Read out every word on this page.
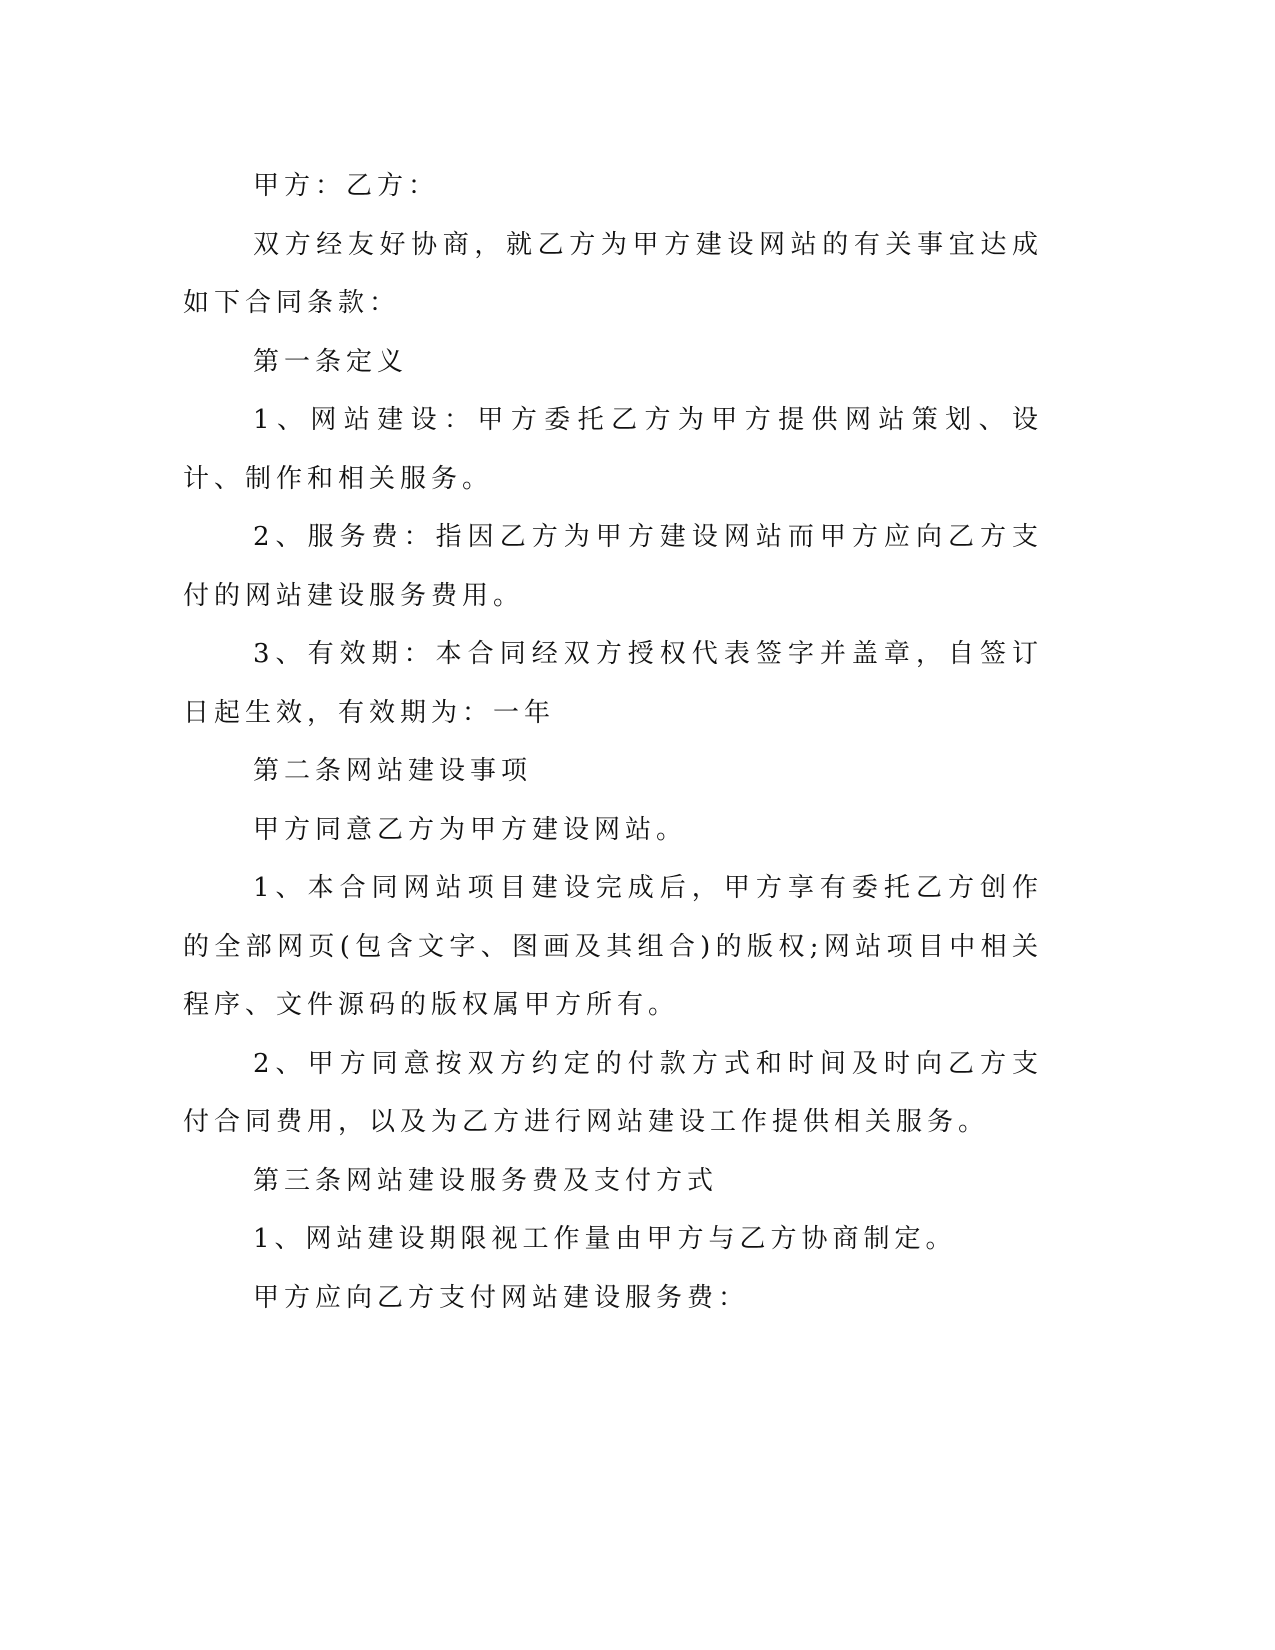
甲方：乙方：

双方经友好协商，就乙方为甲方建设网站的有关事宜达成如下合同条款：

第一条定义

1、网站建设：甲方委托乙方为甲方提供网站策划、设计、制作和相关服务。

2、服务费：指因乙方为甲方建设网站而甲方应向乙方支付的网站建设服务费用。

3、有效期：本合同经双方授权代表签字并盖章，自签订日起生效，有效期为：一年

第二条网站建设事项

甲方同意乙方为甲方建设网站。

1、本合同网站项目建设完成后，甲方享有委托乙方创作的全部网页(包含文字、图画及其组合)的版权;网站项目中相关程序、文件源码的版权属甲方所有。

2、甲方同意按双方约定的付款方式和时间及时向乙方支付合同费用，以及为乙方进行网站建设工作提供相关服务。

第三条网站建设服务费及支付方式

1、网站建设期限视工作量由甲方与乙方协商制定。

甲方应向乙方支付网站建设服务费：
